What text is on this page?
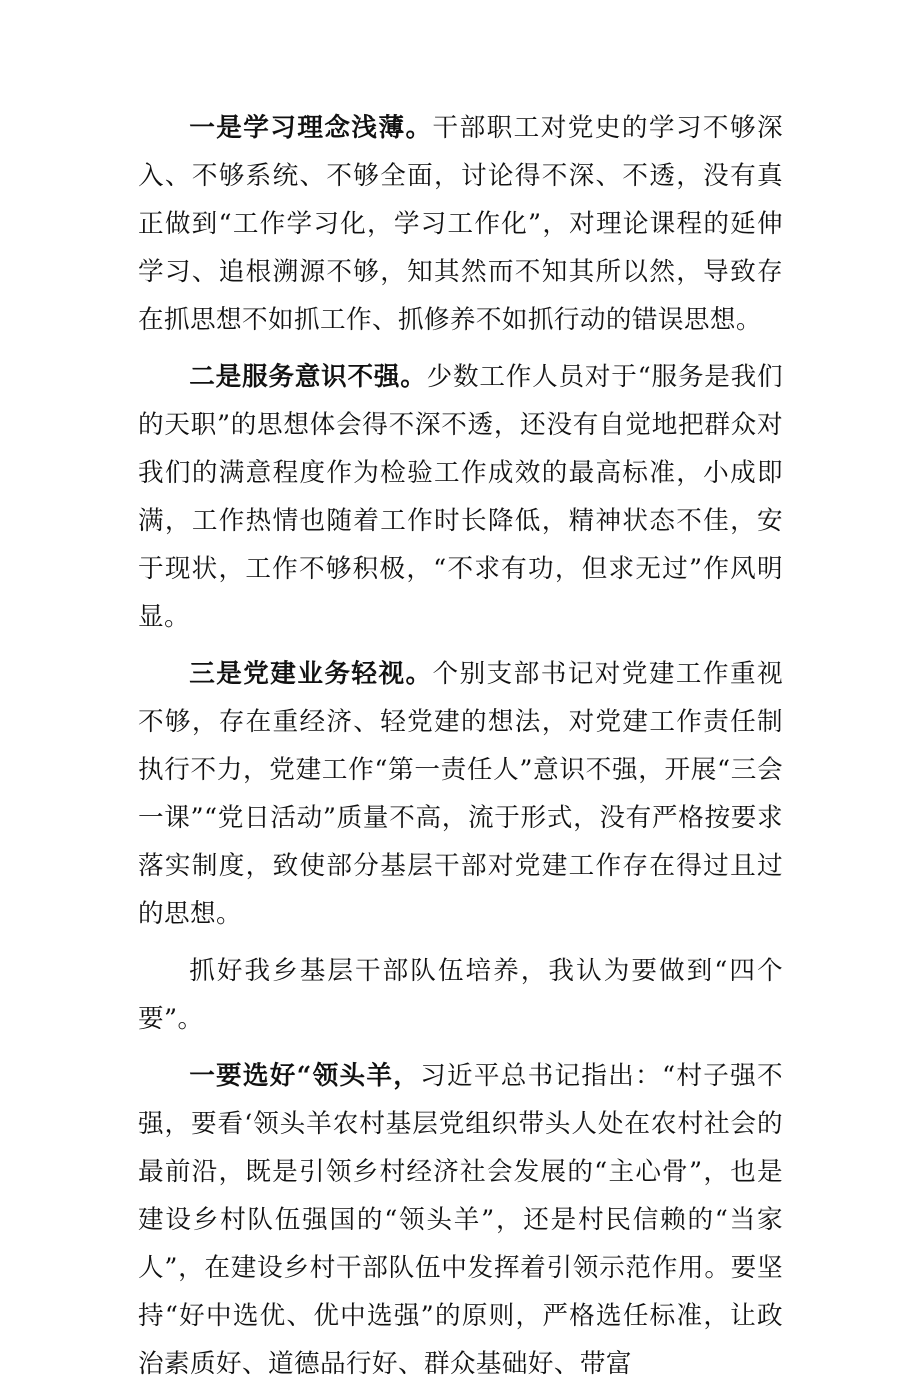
一是学习理念浅薄。干部职工对党史的学习不够深入、不够系统、不够全面，讨论得不深、不透，没有真正做到“工作学习化，学习工作化”，对理论课程的延伸学习、追根溯源不够，知其然而不知其所以然，导致存在抓思想不如抓工作、抓修养不如抓行动的错误思想。

二是服务意识不强。少数工作人员对于“服务是我们的天职”的思想体会得不深不透，还没有自觉地把群众对我们的满意程度作为检验工作成效的最高标准，小成即满，工作热情也随着工作时长降低，精神状态不佳，安于现状，工作不够积极，“不求有功，但求无过”作风明显。

三是党建业务轻视。个别支部书记对党建工作重视不够，存在重经济、轻党建的想法，对党建工作责任制执行不力，党建工作“第一责任人”意识不强，开展“三会一课”“党日活动”质量不高，流于形式，没有严格按要求落实制度，致使部分基层干部对党建工作存在得过且过的思想。

抓好我乡基层干部队伍培养，我认为要做到“四个要”。

一要选好“领头羊，习近平总书记指出：“村子强不强，要看‘领头羊农村基层党组织带头人处在农村社会的最前沿，既是引领乡村经济社会发展的“主心骨”，也是建设乡村队伍强国的“领头羊”，还是村民信赖的“当家人”，在建设乡村干部队伍中发挥着引领示范作用。要坚持“好中选优、优中选强”的原则，严格选任标准，让政治素质好、道德品行好、群众基础好、带富
